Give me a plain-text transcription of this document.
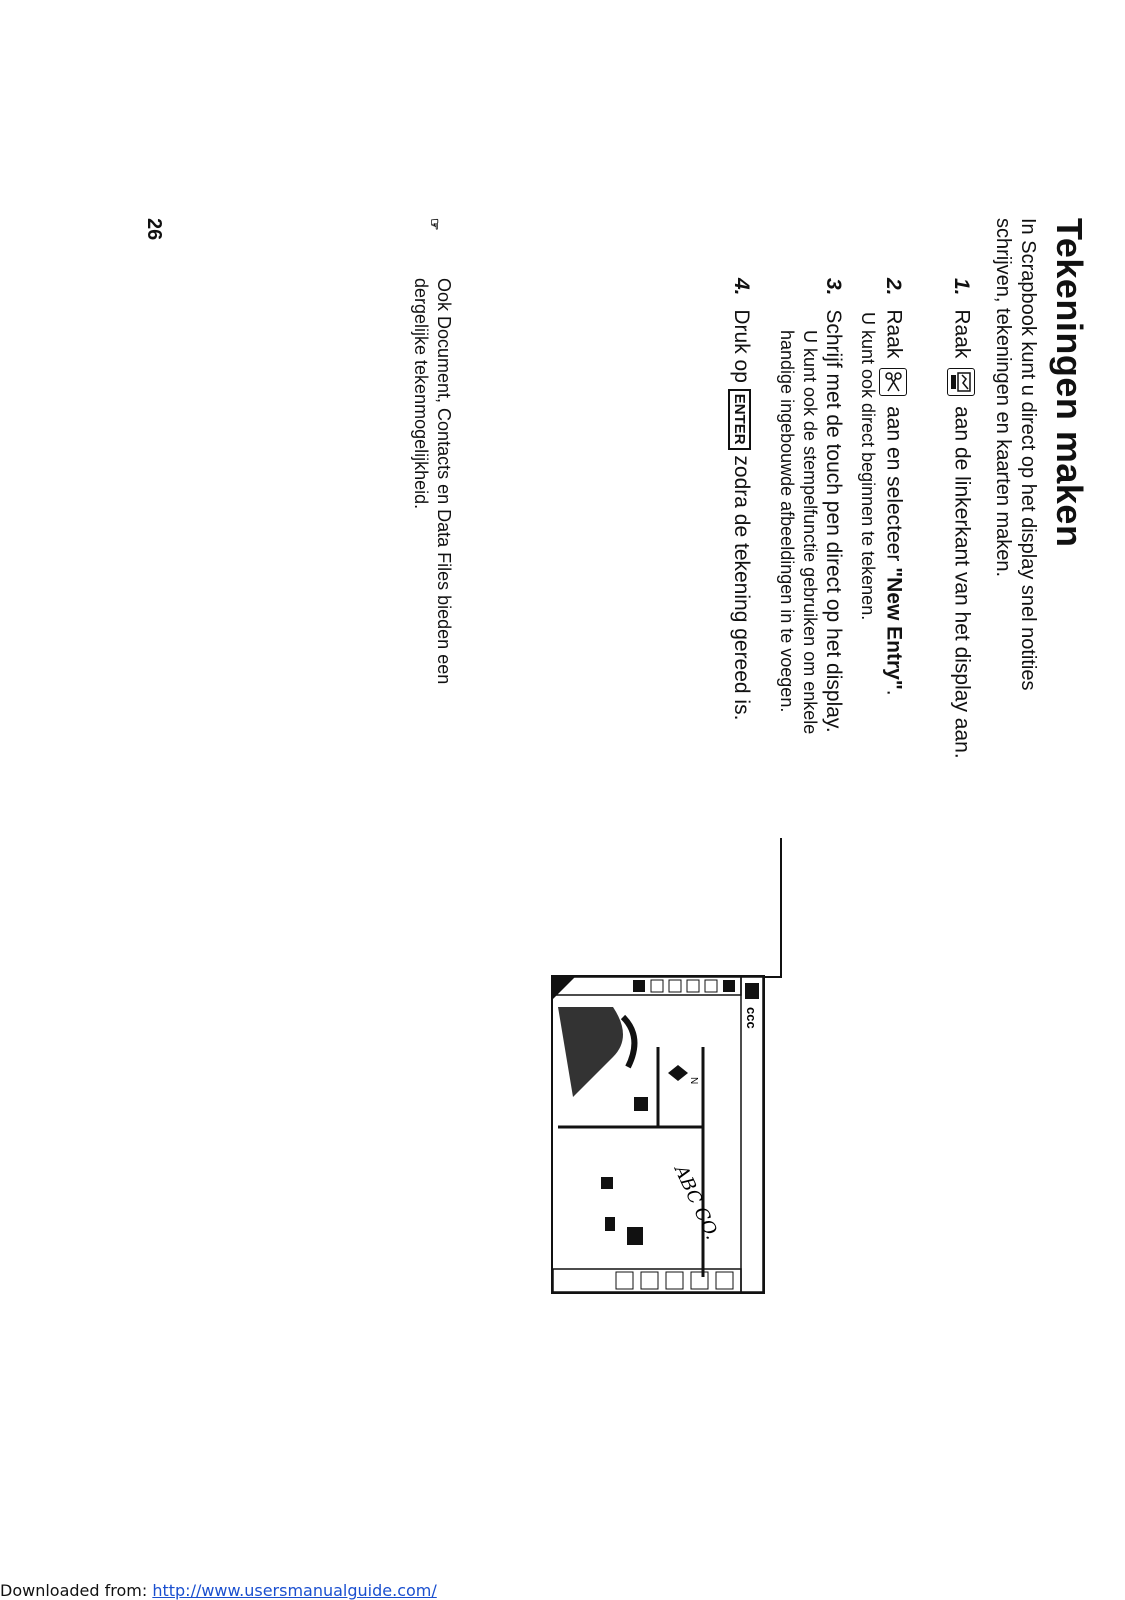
Tekeningen maken
In Scrapbook kunt u direct op het display snel notities
schrijven, tekeningen en kaarten maken.
1. Raak  aan de linkerkant van het display aan.
2. Raak  aan en selecteer "New Entry".
U kunt ook direct beginnen te tekenen.
3. Schrijf met de touch pen direct op het display.
U kunt ook de stempelfunctie gebruiken om enkele
handige ingebouwde afbeeldingen in te voegen.
4. Druk op ENTER zodra de tekening gereed is.
ccc
N
ABC CO.
26	☞
Ook Document, Contacts en Data Files bieden een
dergelijke tekenmogelijkheid.
Downloaded from: http://www.usersmanualguide.com/
